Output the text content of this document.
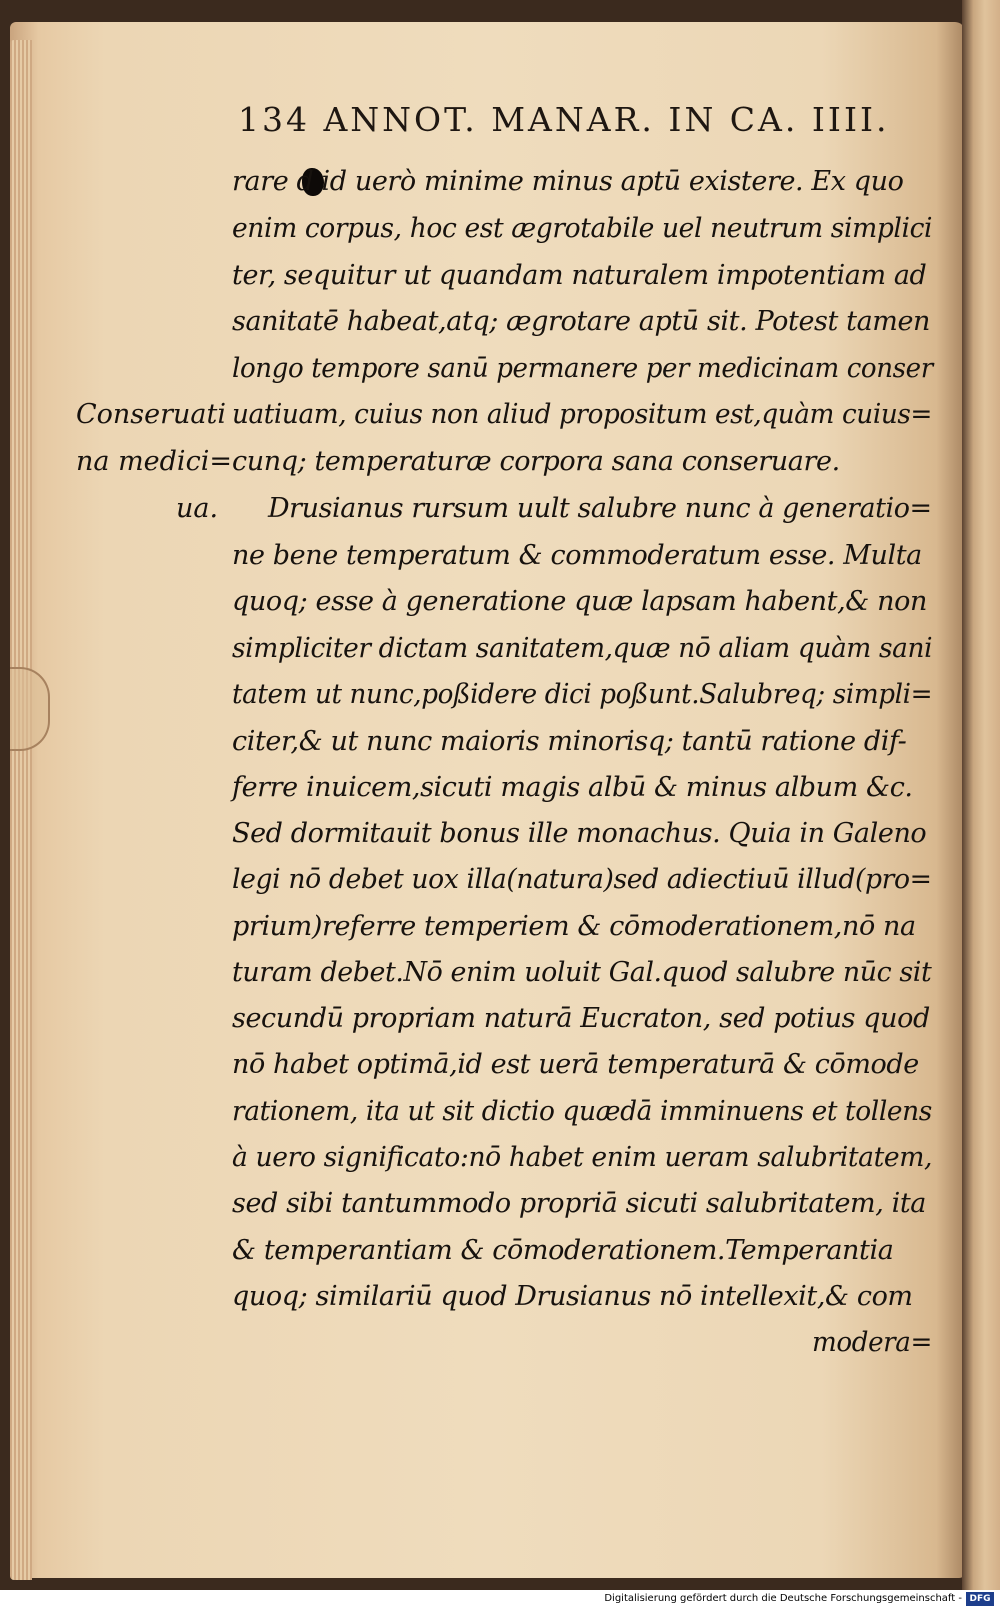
134 ANNOT. MANAR. IN CA. IIII.
rare d id uerò minime minus aptū existere. Ex quo
enim corpus, hoc est ægrotabile uel neutrum simplici
ter, sequitur ut quandam naturalem impotentiam ad
sanitatē habeat,atq; ægrotare aptū sit. Potest tamen
longo tempore sanū permanere per medicinam conser
uatiuam, cuius non aliud propositum est,quàm cuius=
cunq; temperaturæ corpora sana conseruare.
Drusianus rursum uult salubre nunc à generatio=
ne bene temperatum & commoderatum esse. Multa
quoq; esse à generatione quæ lapsam habent,& non
simpliciter dictam sanitatem,quæ nō aliam quàm sani
tatem ut nunc,poßidere dici poßunt.Salubreq; simpli=
citer,& ut nunc maioris minorisq; tantū ratione dif-
ferre inuicem,sicuti magis albū & minus album &c.
Sed dormitauit bonus ille monachus. Quia in Galeno
legi nō debet uox illa(natura)sed adiectiuū illud(pro=
prium)referre temperiem & cōmoderationem,nō na
turam debet.Nō enim uoluit Gal.quod salubre nūc sit
secundū propriam naturā Eucraton, sed potius quod
nō habet optimā,id est uerā temperaturā & cōmode
rationem, ita ut sit dictio quædā imminuens et tollens
à uero significato:nō habet enim ueram salubritatem,
sed sibi tantummodo propriā sicuti salubritatem, ita
& temperantiam & cōmoderationem.Temperantia
quoq; similariū quod Drusianus nō intellexit,& com
modera=
Conseruati
na medici=
ua.
Digitalisierung gefördert durch die Deutsche Forschungsgemeinschaft - DFG
